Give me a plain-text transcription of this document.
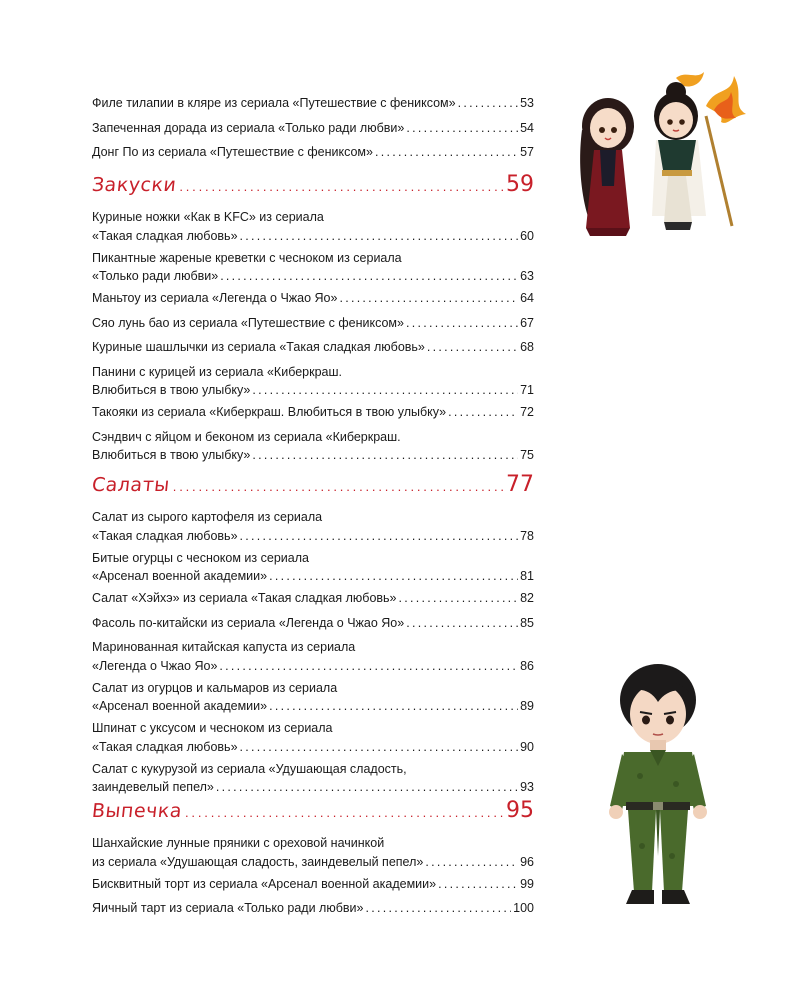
Филе тилапии в кляре из сериала «Путешествие с фениксом» . . .	53
Запеченная дорада из сериала «Только ради любви» . . .	54
Донг По из сериала «Путешествие с фениксом» . . .	57
Закуски . . .	59
Куриные ножки «Как в KFC» из сериала
«Такая сладкая любовь» . . .	60
Пикантные жареные креветки с чесноком из сериала
«Только ради любви» . . .	63
Маньтоу из сериала «Легенда о Чжао Яо» . . .	64
Сяо лунь бао из сериала «Путешествие с фениксом» . . .	67
Куриные шашлычки из сериала «Такая сладкая любовь» . . .	68
Панини с курицей из сериала «Киберкраш.
Влюбиться в твою улыбку» . . .	71
Такояки из сериала «Киберкраш. Влюбиться в твою улыбку» . . .	72
Сэндвич с яйцом и беконом из сериала «Киберкраш.
Влюбиться в твою улыбку» . . .	75
Салаты . . .	77
Салат из сырого картофеля из сериала
«Такая сладкая любовь» . . .	78
Битые огурцы с чесноком из сериала
«Арсенал военной академии» . . .	81
Салат «Хэйхэ» из сериала «Такая сладкая любовь» . . .	82
Фасоль по-китайски из сериала «Легенда о Чжао Яо» . . .	85
Маринованная китайская капуста из сериала
«Легенда о Чжао Яо» . . .	86
Салат из огурцов и кальмаров из сериала
«Арсенал военной академии» . . .	89
Шпинат с уксусом и чесноком из сериала
«Такая сладкая любовь» . . .	90
Салат с кукурузой из сериала «Удушающая сладость,
заиндевелый пепел» . . .	93
Выпечка . . .	95
Шанхайские лунные пряники с ореховой начинкой
из сериала «Удушающая сладость, заиндевелый пепел» . . .	96
Бисквитный торт из сериала «Арсенал военной академии» . . .	99
Яичный тарт из сериала «Только ради любви» . . .	100
